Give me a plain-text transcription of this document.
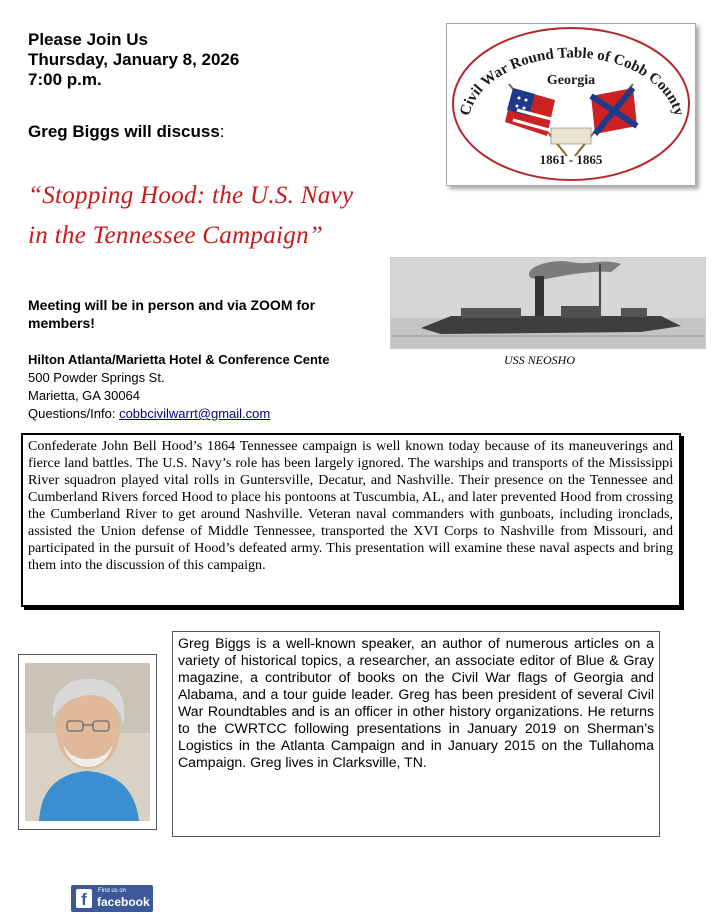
Please Join Us
Thursday, January 8, 2026
7:00 p.m.
Greg Biggs will discuss:
“Stopping Hood: the U.S. Navy
in the Tennessee Campaign”
Civil War Round Table of Cobb County
Georgia
1861 - 1865
USS NEOSHO
Meeting will be in person and via ZOOM for members!
Hilton Atlanta/Marietta Hotel & Conference Cente
500 Powder Springs St.
Marietta, GA 30064
Questions/Info: cobbcivilwarrt@gmail.com
Confederate John Bell Hood’s 1864 Tennessee campaign is well known today because of its maneuverings and fierce land battles. The U.S. Navy’s role has been largely ignored. The warships and transports of the Mississippi River squadron played vital rolls in Guntersville, Decatur, and Nashville. Their presence on the Tennessee and Cumberland Rivers forced Hood to place his pontoons at Tuscumbia, AL, and later prevented Hood from crossing the Cumberland River to get around Nashville. Veteran naval commanders with gunboats, including ironclads, assisted the Union defense of Middle Tennessee, transported the XVI Corps to Nashville from Missouri, and participated in the pursuit of Hood’s defeated army. This presentation will examine these naval aspects and bring them into the discussion of this campaign.
Greg Biggs is a well-known speaker, an author of numerous articles on a variety of historical topics, a researcher, an associate editor of Blue & Gray magazine, a contributor of books on the Civil War flags of Georgia and Alabama, and a tour guide leader. Greg has been president of several Civil War Roundtables and is an officer in other history organizations. He returns to the CWRTCC following presentations in January 2019 on Sherman’s Logistics in the Atlanta Campaign and in January 2015 on the Tullahoma Campaign. Greg lives in Clarksville, TN.
f	Find us on
facebook
